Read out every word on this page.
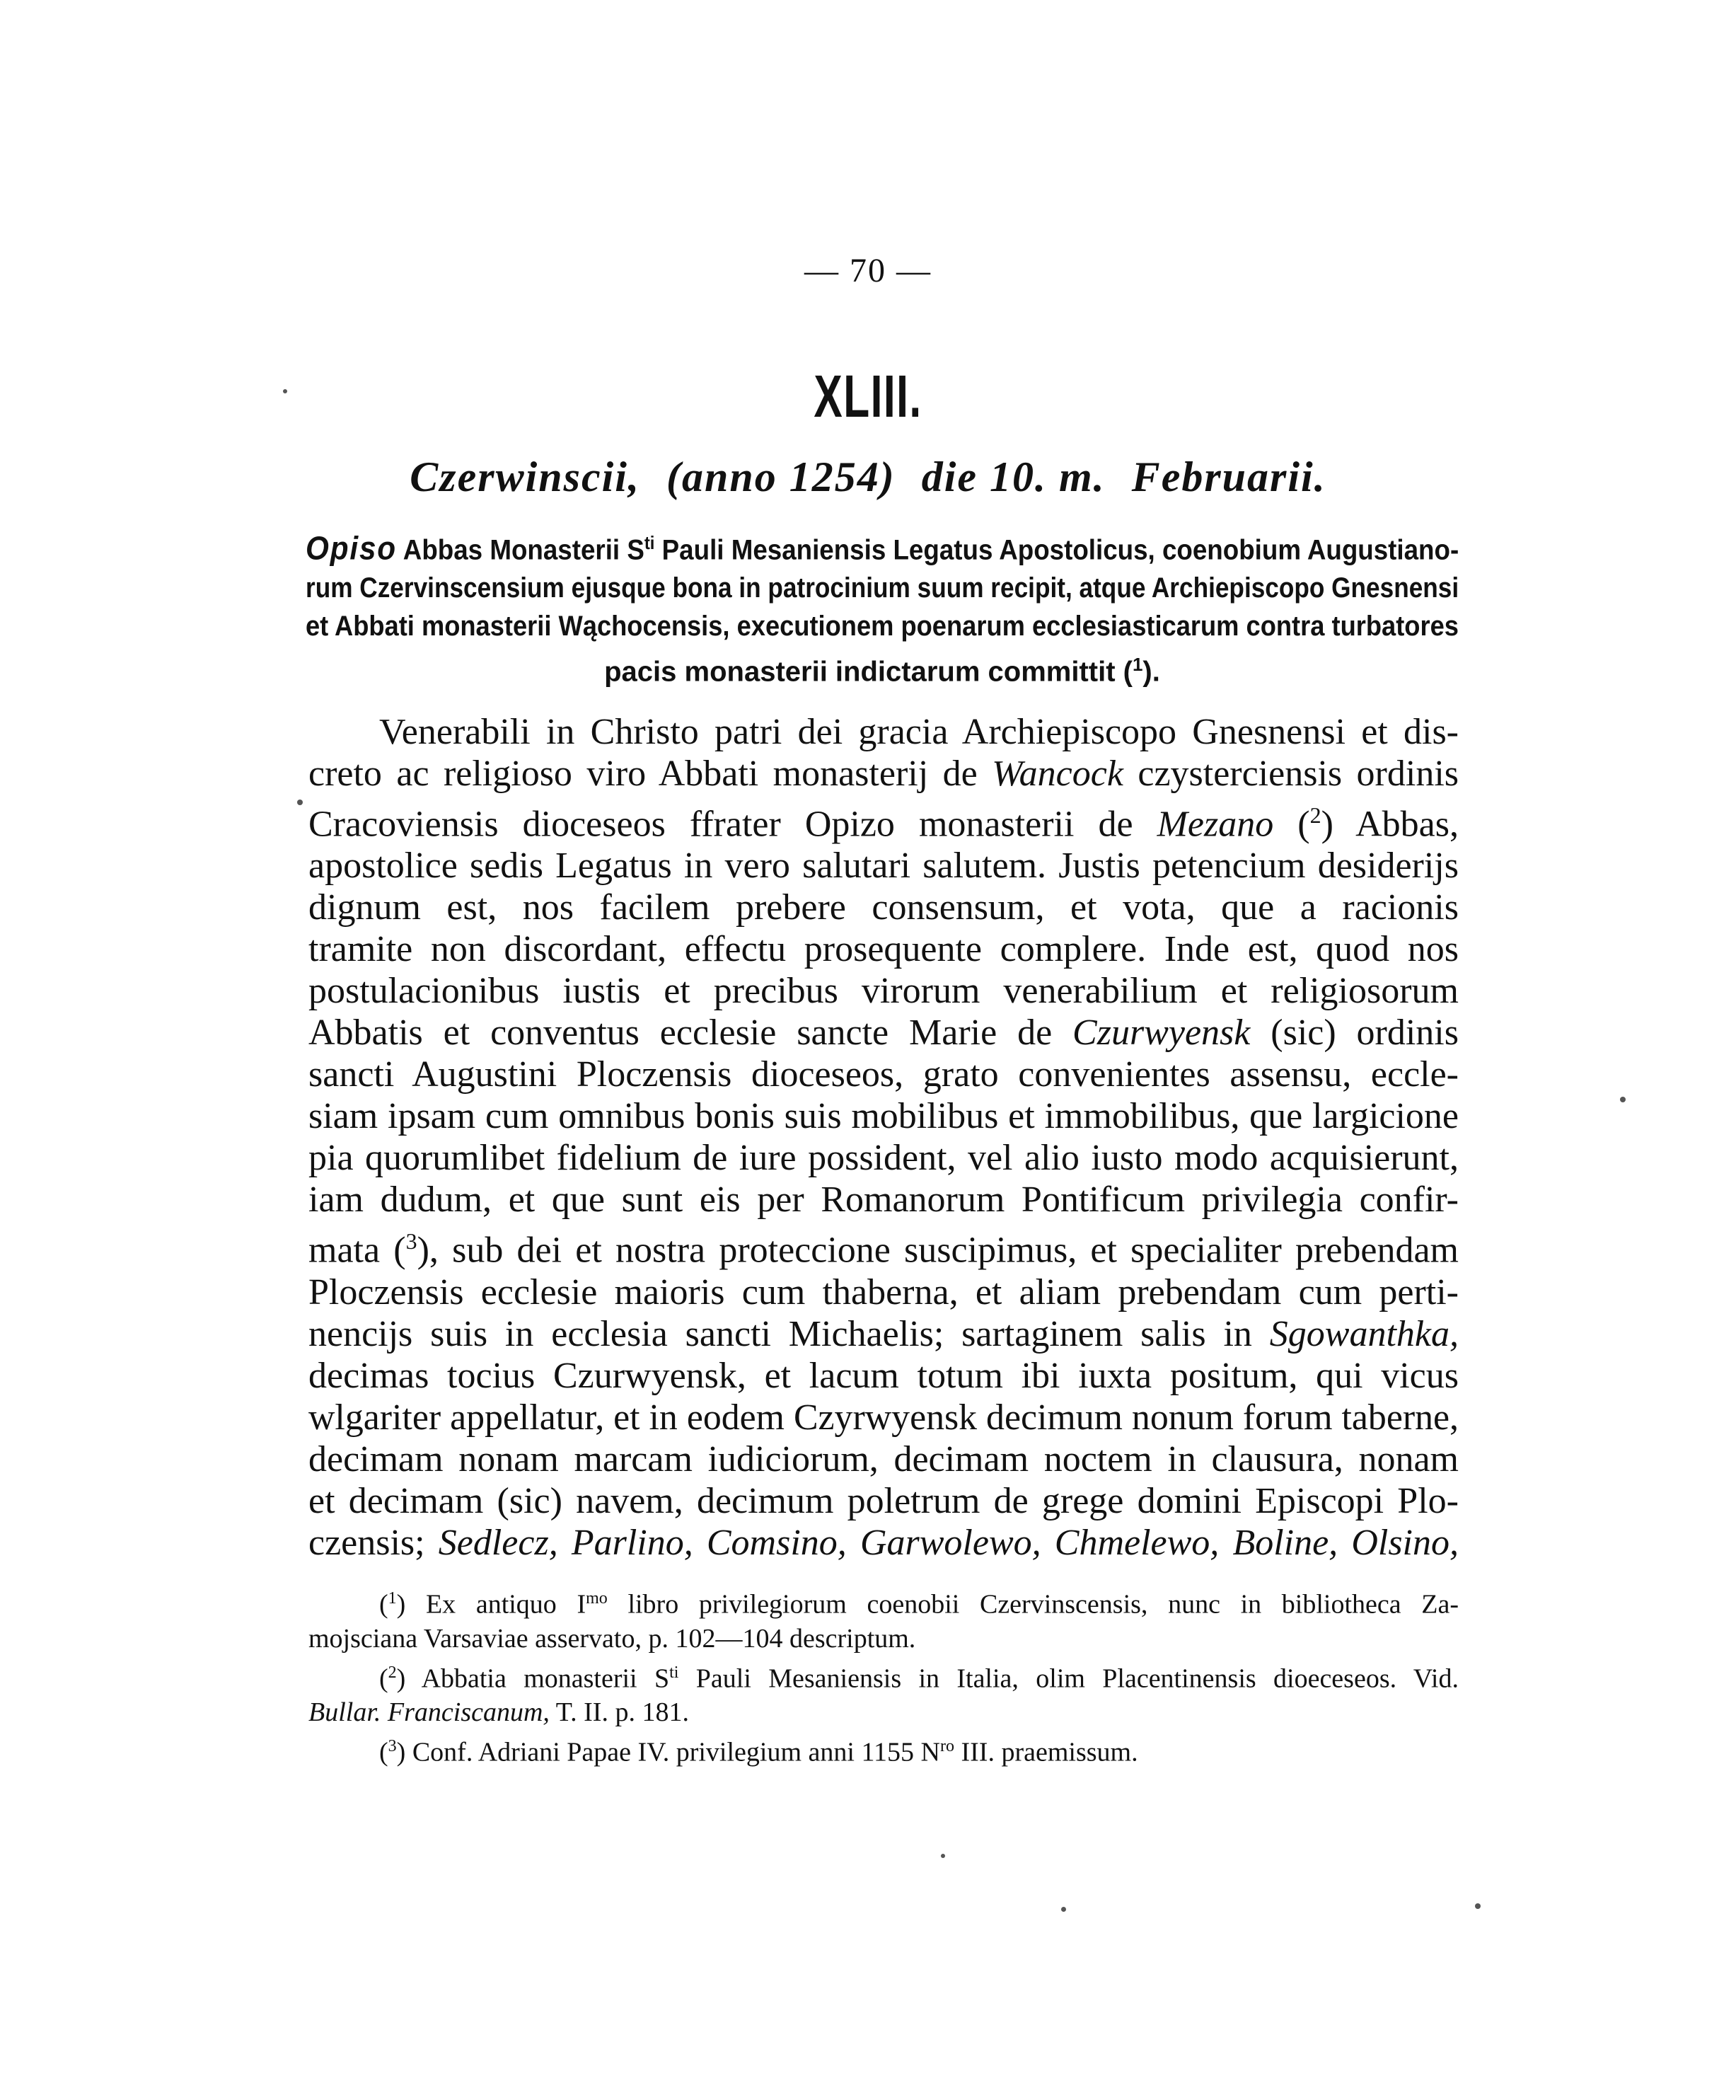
— 70 —
XLIII.
Czerwinscii, (anno 1254) die 10. m. Februarii.
Opiso Abbas Monasterii $S^{ti}$ Pauli Mesaniensis Legatus Apostolicus, coenobium Augustiano-
rum Czervinscensium ejusque bona in patrocinium suum recipit, atque Archiepiscopo Gnesnensi
et Abbati monasterii Wąchocensis, executionem poenarum ecclesiasticarum contra turbatores
pacis monasterii indictarum committit ($^1$).
Venerabili in Christo patri dei gracia Archiepiscopo Gnesnensi et dis-
creto ac religioso viro Abbati monasterij de Wancock czysterciensis ordinis
Cracoviensis dioceseos ffrater Opizo monasterii de Mezano ($^2$) Abbas,
apostolice sedis Legatus in vero salutari salutem. Justis petencium desiderijs
dignum est, nos facilem prebere consensum, et vota, que a racionis
tramite non discordant, effectu prosequente complere. Inde est, quod nos
postulacionibus iustis et precibus virorum venerabilium et religiosorum
Abbatis et conventus ecclesie sancte Marie de Czurwyensk (sic) ordinis
sancti Augustini Ploczensis dioceseos, grato convenientes assensu, eccle-
siam ipsam cum omnibus bonis suis mobilibus et immobilibus, que largicione
pia quorumlibet fidelium de iure possident, vel alio iusto modo acquisierunt,
iam dudum, et que sunt eis per Romanorum Pontificum privilegia confir-
mata ($^3$), sub dei et nostra proteccione suscipimus, et specialiter prebendam
Ploczensis ecclesie maioris cum thaberna, et aliam prebendam cum perti-
nencijs suis in ecclesia sancti Michaelis; sartaginem salis in Sgowanthka,
decimas tocius Czurwyensk, et lacum totum ibi iuxta positum, qui vicus
wlgariter appellatur, et in eodem Czyrwyensk decimum nonum forum taberne,
decimam nonam marcam iudiciorum, decimam noctem in clausura, nonam
et decimam (sic) navem, decimum poletrum de grege domini Episcopi Plo-
czensis; Sedlecz, Parlino, Comsino, Garwolewo, Chmelewo, Boline, Olsino,
($^1$) Ex antiquo $I^{mo}$ libro privilegiorum coenobii Czervinscensis, nunc in bibliotheca Za-
mojsciana Varsaviae asservato, p. 102—104 descriptum.
($^2$) Abbatia monasterii $S^{ti}$ Pauli Mesaniensis in Italia, olim Placentinensis dioeceseos. Vid.
Bullar. Franciscanum, T. II. p. 181.
($^3$) Conf. Adriani Papae IV. privilegium anni 1155 $N^{ro}$ III. praemissum.
